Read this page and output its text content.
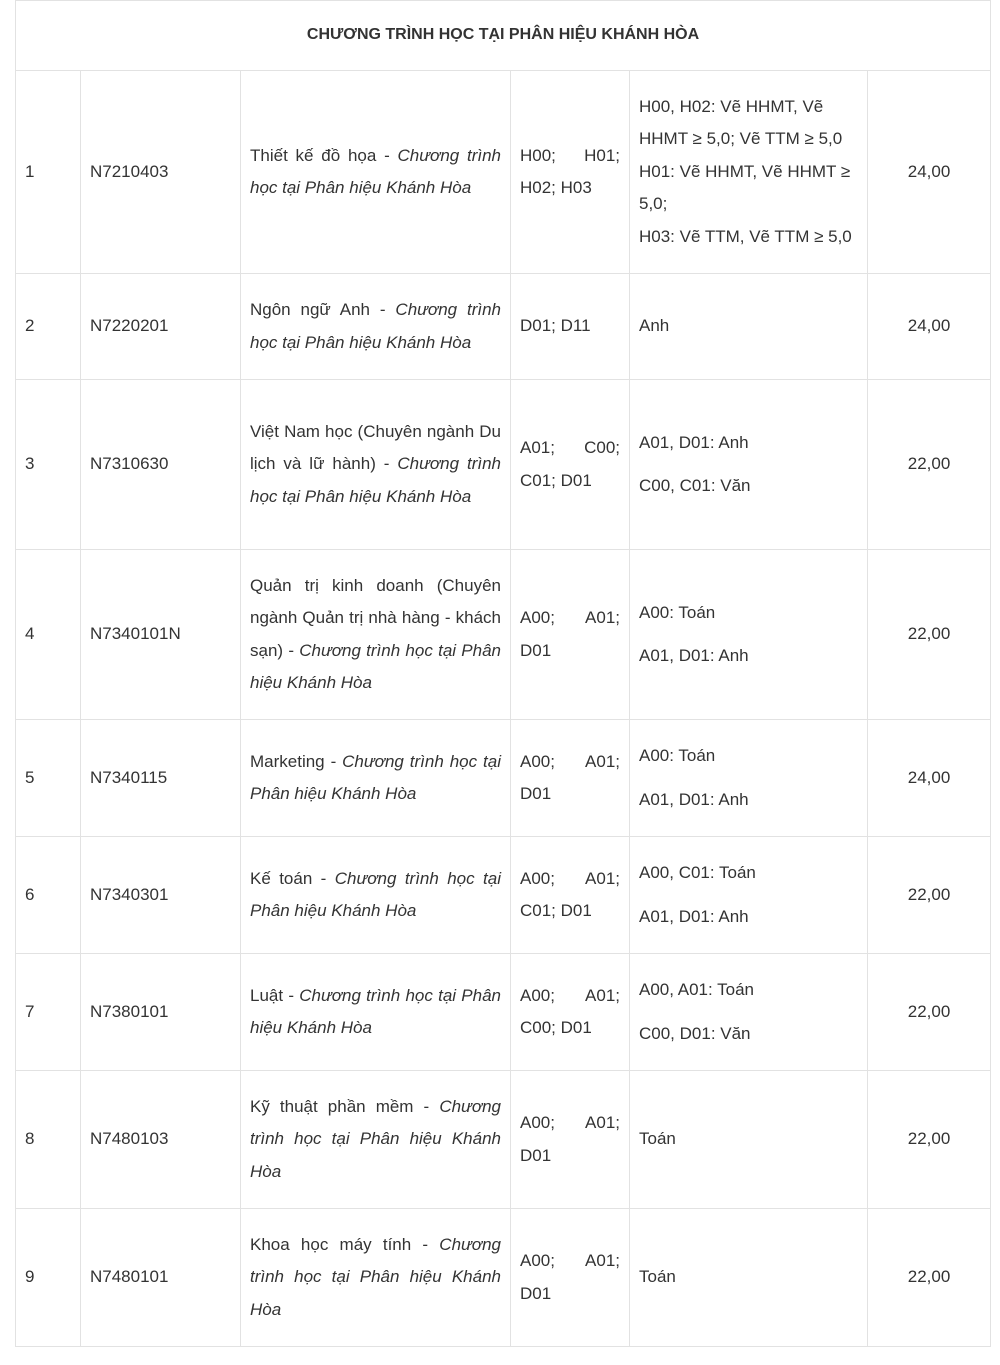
CHƯƠNG TRÌNH HỌC TẠI PHÂN HIỆU KHÁNH HÒA					
1	N7210403	Thiết kế đồ họa - Chương trình học tại Phân hiệu Khánh Hòa	H00; H01; H02; H03	H00, H02: Vẽ HHMT, Vẽ HHMT ≥ 5,0; Vẽ TTM ≥ 5,0
H01: Vẽ HHMT, Vẽ HHMT ≥ 5,0;
H03: Vẽ TTM, Vẽ TTM ≥ 5,0	24,00
2	N7220201	Ngôn ngữ Anh - Chương trình học tại Phân hiệu Khánh Hòa	D01; D11	Anh	24,00
3	N7310630	Việt Nam học (Chuyên ngành Du lịch và lữ hành) - Chương trình học tại Phân hiệu Khánh Hòa	A01; C00; C01; D01	A01, D01: Anh
C00, C01: Văn	22,00
4	N7340101N	Quản trị kinh doanh (Chuyên ngành Quản trị nhà hàng - khách sạn) - Chương trình học tại Phân hiệu Khánh Hòa	A00; A01; D01	A00: Toán
A01, D01: Anh	22,00
5	N7340115	Marketing - Chương trình học tại Phân hiệu Khánh Hòa	A00; A01; D01	A00: Toán
A01, D01: Anh	24,00
6	N7340301	Kế toán - Chương trình học tại Phân hiệu Khánh Hòa	A00; A01; C01; D01	A00, C01: Toán
A01, D01: Anh	22,00
7	N7380101	Luật - Chương trình học tại Phân hiệu Khánh Hòa	A00; A01; C00; D01	A00, A01: Toán
C00, D01: Văn	22,00
8	N7480103	Kỹ thuật phần mềm - Chương trình học tại Phân hiệu Khánh Hòa	A00; A01; D01	Toán	22,00
9	N7480101	Khoa học máy tính - Chương trình học tại Phân hiệu Khánh Hòa	A00; A01; D01	Toán	22,00
